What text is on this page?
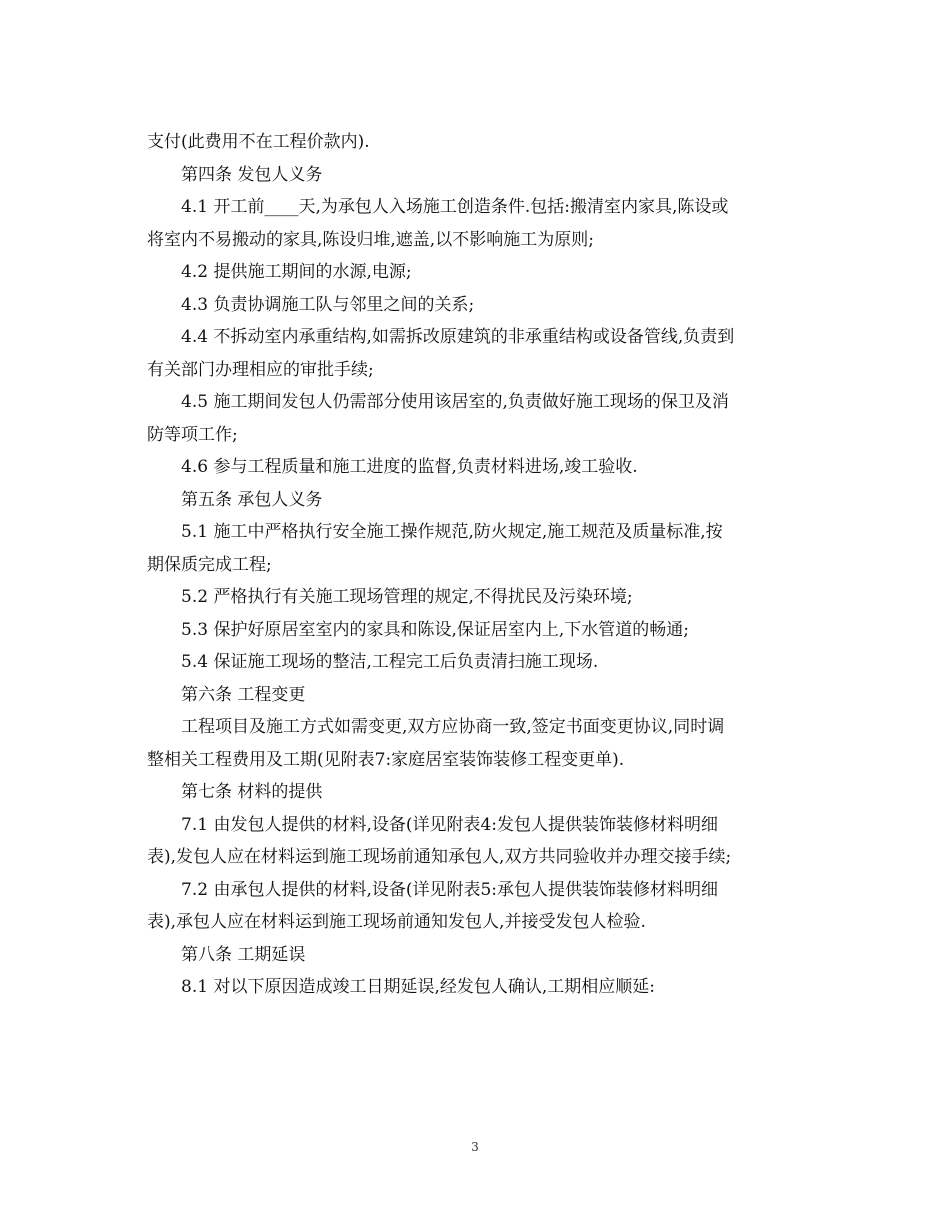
支付(此费用不在工程价款内).
第四条 发包人义务
4.1 开工前____天,为承包人入场施工创造条件.包括:搬清室内家具,陈设或
将室内不易搬动的家具,陈设归堆,遮盖,以不影响施工为原则;
4.2 提供施工期间的水源,电源;
4.3 负责协调施工队与邻里之间的关系;
4.4 不拆动室内承重结构,如需拆改原建筑的非承重结构或设备管线,负责到
有关部门办理相应的审批手续;
4.5 施工期间发包人仍需部分使用该居室的,负责做好施工现场的保卫及消
防等项工作;
4.6 参与工程质量和施工进度的监督,负责材料进场,竣工验收.
第五条 承包人义务
5.1 施工中严格执行安全施工操作规范,防火规定,施工规范及质量标准,按
期保质完成工程;
5.2 严格执行有关施工现场管理的规定,不得扰民及污染环境;
5.3 保护好原居室室内的家具和陈设,保证居室内上,下水管道的畅通;
5.4 保证施工现场的整洁,工程完工后负责清扫施工现场.
第六条 工程变更
工程项目及施工方式如需变更,双方应协商一致,签定书面变更协议,同时调
整相关工程费用及工期(见附表7:家庭居室装饰装修工程变更单).
第七条 材料的提供
7.1 由发包人提供的材料,设备(详见附表4:发包人提供装饰装修材料明细
表),发包人应在材料运到施工现场前通知承包人,双方共同验收并办理交接手续;
7.2 由承包人提供的材料,设备(详见附表5:承包人提供装饰装修材料明细
表),承包人应在材料运到施工现场前通知发包人,并接受发包人检验.
第八条 工期延误
8.1 对以下原因造成竣工日期延误,经发包人确认,工期相应顺延:
3
